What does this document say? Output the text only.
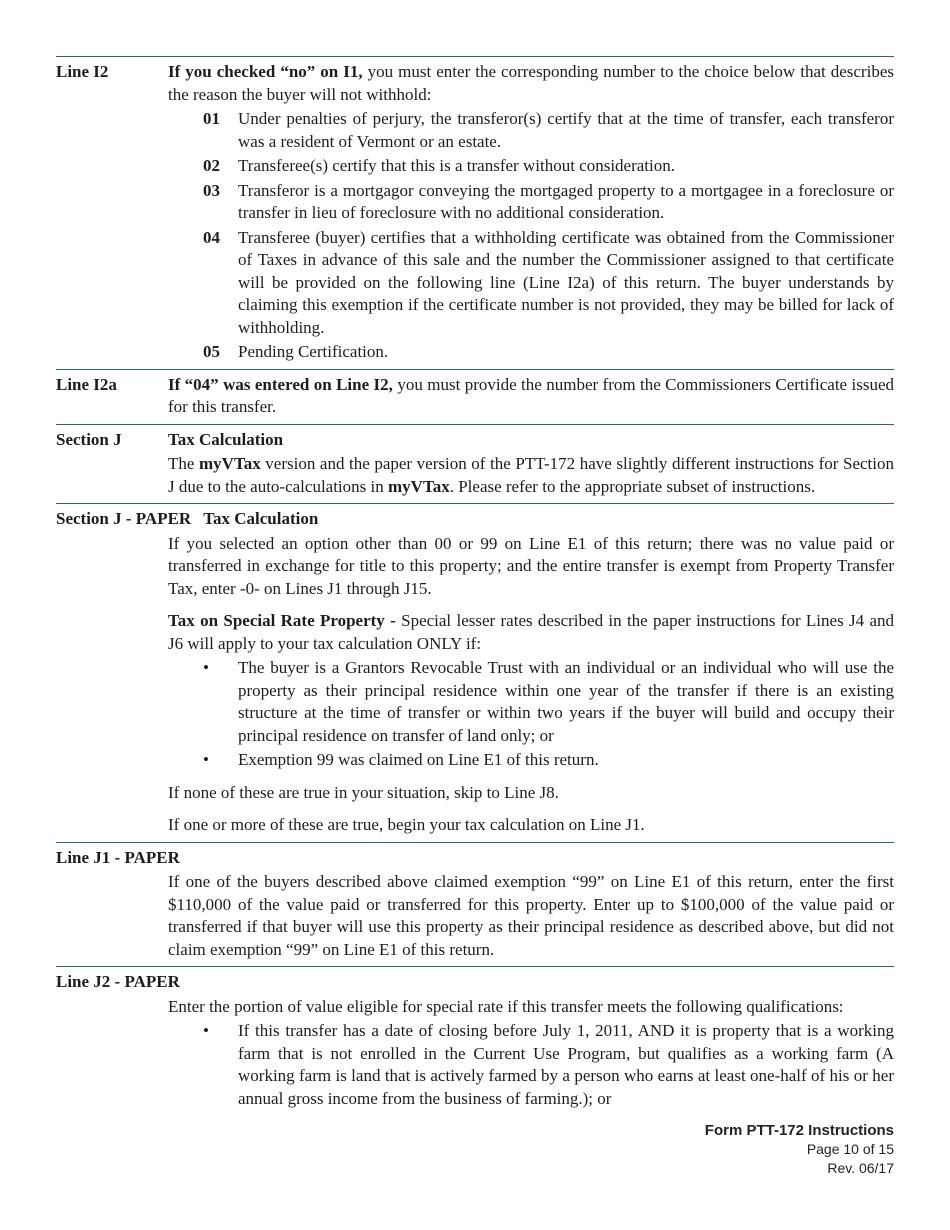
Line I2	If you checked “no” on I1, you must enter the corresponding number to the choice below that describes the reason the buyer will not withhold:
01	Under penalties of perjury, the transferor(s) certify that at the time of transfer, each transferor was a resident of Vermont or an estate.
02	Transferee(s) certify that this is a transfer without consideration.
03	Transferor is a mortgagor conveying the mortgaged property to a mortgagee in a foreclosure or transfer in lieu of foreclosure with no additional consideration.
04	Transferee (buyer) certifies that a withholding certificate was obtained from the Commissioner of Taxes in advance of this sale and the number the Commissioner assigned to that certificate will be provided on the following line (Line I2a) of this return. The buyer understands by claiming this exemption if the certificate number is not provided, they may be billed for lack of withholding.
05	Pending Certification.
Line I2a	If “04” was entered on Line I2, you must provide the number from the Commissioners Certificate issued for this transfer.
Section J	Tax Calculation
The myVTax version and the paper version of the PTT-172 have slightly different instructions for Section J due to the auto-calculations in myVTax. Please refer to the appropriate subset of instructions.
Section J - PAPER Tax Calculation
If you selected an option other than 00 or 99 on Line E1 of this return; there was no value paid or transferred in exchange for title to this property; and the entire transfer is exempt from Property Transfer Tax, enter -0- on Lines J1 through J15.
Tax on Special Rate Property - Special lesser rates described in the paper instructions for Lines J4 and J6 will apply to your tax calculation ONLY if:
•	The buyer is a Grantors Revocable Trust with an individual or an individual who will use the property as their principal residence within one year of the transfer if there is an existing structure at the time of transfer or within two years if the buyer will build and occupy their principal residence on transfer of land only; or
•	Exemption 99 was claimed on Line E1 of this return.
If none of these are true in your situation, skip to Line J8.
If one or more of these are true, begin your tax calculation on Line J1.
Line J1 - PAPER
If one of the buyers described above claimed exemption “99” on Line E1 of this return, enter the first $110,000 of the value paid or transferred for this property. Enter up to $100,000 of the value paid or transferred if that buyer will use this property as their principal residence as described above, but did not claim exemption “99” on Line E1 of this return.
Line J2 - PAPER
Enter the portion of value eligible for special rate if this transfer meets the following qualifications:
•	If this transfer has a date of closing before July 1, 2011, AND it is property that is a working farm that is not enrolled in the Current Use Program, but qualifies as a working farm (A working farm is land that is actively farmed by a person who earns at least one-half of his or her annual gross income from the business of farming.); or
Form PTT-172 Instructions
Page 10 of 15
Rev. 06/17
